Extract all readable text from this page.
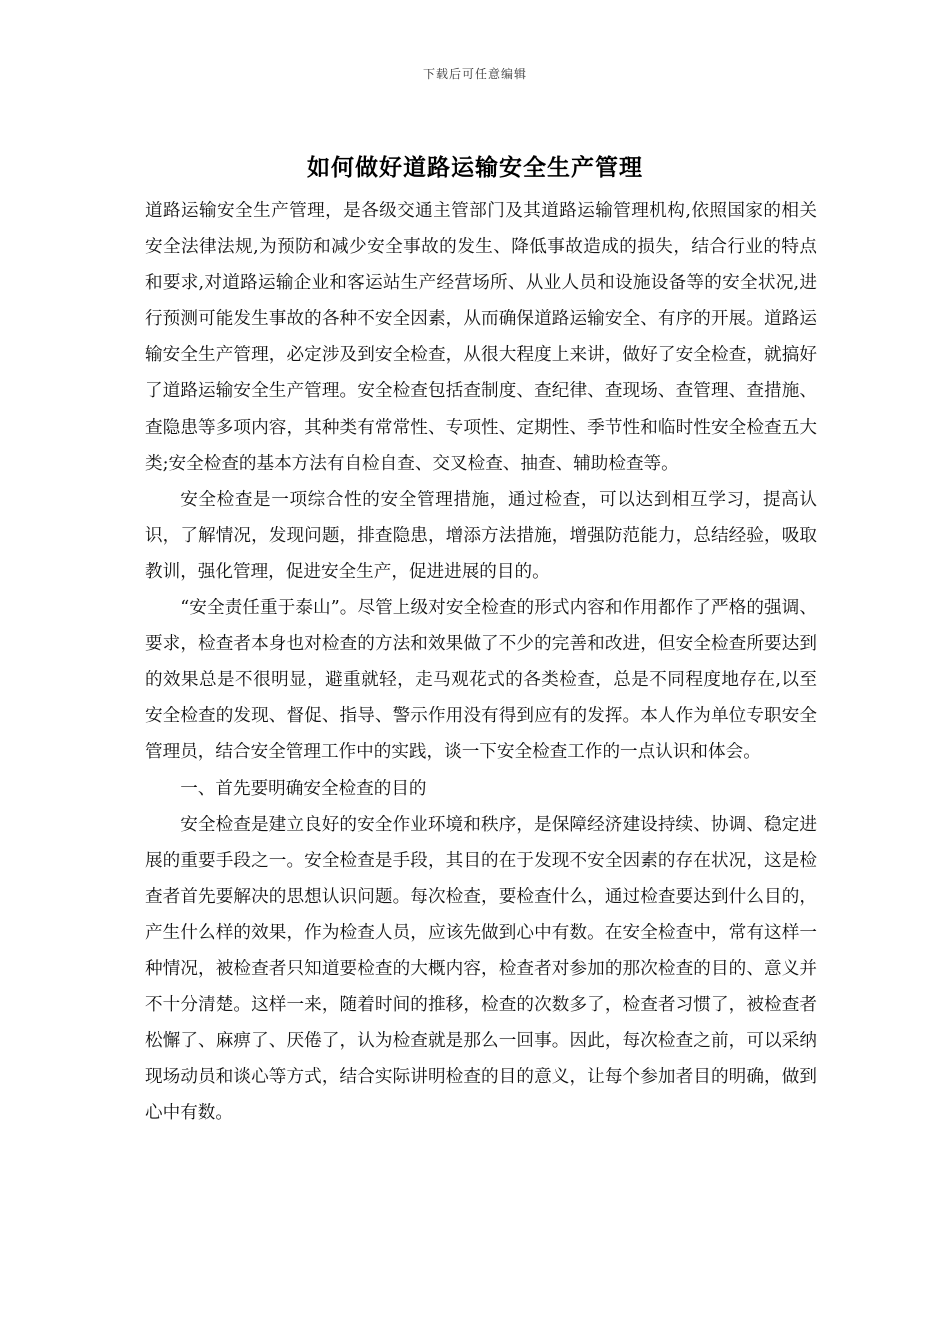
下载后可任意编辑
如何做好道路运输安全生产管理

道路运输安全生产管理，是各级交通主管部门及其道路运输管理机构,依照国家的相关安全法律法规,为预防和减少安全事故的发生、降低事故造成的损失，结合行业的特点和要求,对道路运输企业和客运站生产经营场所、从业人员和设施设备等的安全状况,进行预测可能发生事故的各种不安全因素，从而确保道路运输安全、有序的开展。道路运输安全生产管理，必定涉及到安全检查，从很大程度上来讲，做好了安全检查，就搞好了道路运输安全生产管理。安全检查包括查制度、查纪律、查现场、查管理、查措施、查隐患等多项内容，其种类有常常性、专项性、定期性、季节性和临时性安全检查五大类;安全检查的基本方法有自检自查、交叉检查、抽查、辅助检查等。

安全检查是一项综合性的安全管理措施，通过检查，可以达到相互学习，提高认识，了解情况，发现问题，排查隐患，增添方法措施，增强防范能力，总结经验，吸取教训，强化管理，促进安全生产，促进进展的目的。

“安全责任重于泰山”。尽管上级对安全检查的形式内容和作用都作了严格的强调、要求，检查者本身也对检查的方法和效果做了不少的完善和改进，但安全检查所要达到的效果总是不很明显，避重就轻，走马观花式的各类检查，总是不同程度地存在,以至安全检查的发现、督促、指导、警示作用没有得到应有的发挥。本人作为单位专职安全管理员，结合安全管理工作中的实践，谈一下安全检查工作的一点认识和体会。

一、首先要明确安全检查的目的

安全检查是建立良好的安全作业环境和秩序，是保障经济建设持续、协调、稳定进展的重要手段之一。安全检查是手段，其目的在于发现不安全因素的存在状况，这是检查者首先要解决的思想认识问题。每次检查，要检查什么，通过检查要达到什么目的，产生什么样的效果，作为检查人员，应该先做到心中有数。在安全检查中，常有这样一种情况，被检查者只知道要检查的大概内容，检查者对参加的那次检查的目的、意义并不十分清楚。这样一来，随着时间的推移，检查的次数多了，检查者习惯了，被检查者松懈了、麻痹了、厌倦了，认为检查就是那么一回事。因此，每次检查之前，可以采纳现场动员和谈心等方式，结合实际讲明检查的目的意义，让每个参加者目的明确，做到心中有数。
